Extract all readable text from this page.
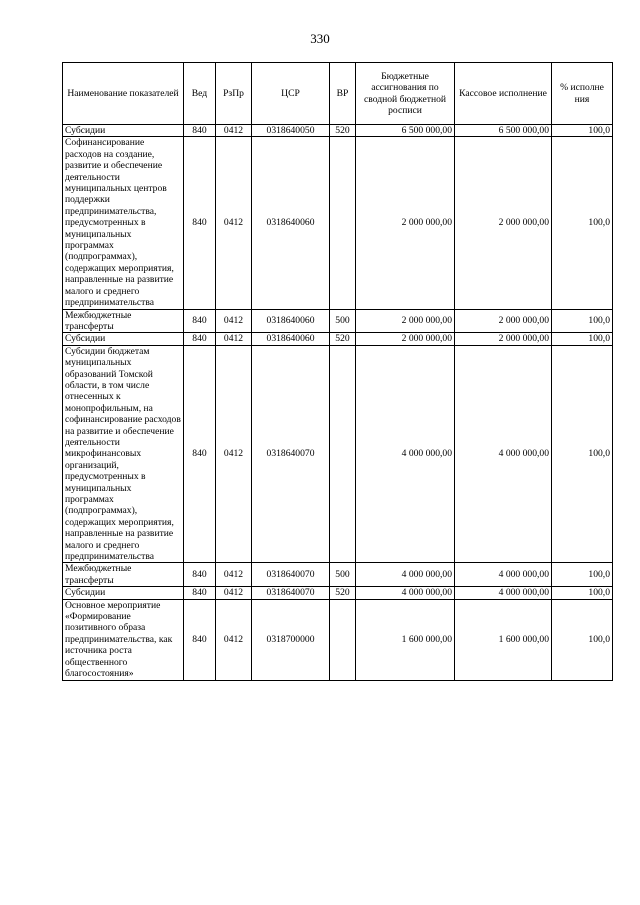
330
Наименование показателей	Вед	РзПр	ЦСР	ВР	Бюджетные ассигнования по сводной бюджетной росписи	Кассовое исполнение	% исполне ния
Субсидии	840	0412	0318640050	520	6 500 000,00	6 500 000,00	100,0
Софинансирование расходов на создание, развитие и обеспечение деятельности муниципальных центров поддержки предпринимательства, предусмотренных в муниципальных программах (подпрограммах), содержащих мероприятия, направленные на развитие малого и среднего предпринимательства	840	0412	0318640060		2 000 000,00	2 000 000,00	100,0
Межбюджетные трансферты	840	0412	0318640060	500	2 000 000,00	2 000 000,00	100,0
Субсидии	840	0412	0318640060	520	2 000 000,00	2 000 000,00	100,0
Субсидии бюджетам муниципальных образований Томской области, в том числе отнесенных к монопрофильным, на софинансирование расходов на развитие и обеспечение деятельности микрофинансовых организаций, предусмотренных в муниципальных программах (подпрограммах), содержащих мероприятия, направленные на развитие малого и среднего предпринимательства	840	0412	0318640070		4 000 000,00	4 000 000,00	100,0
Межбюджетные трансферты	840	0412	0318640070	500	4 000 000,00	4 000 000,00	100,0
Субсидии	840	0412	0318640070	520	4 000 000,00	4 000 000,00	100,0
Основное мероприятие «Формирование позитивного образа предпринимательства, как источника роста общественного благосостояния»	840	0412	0318700000		1 600 000,00	1 600 000,00	100,0
